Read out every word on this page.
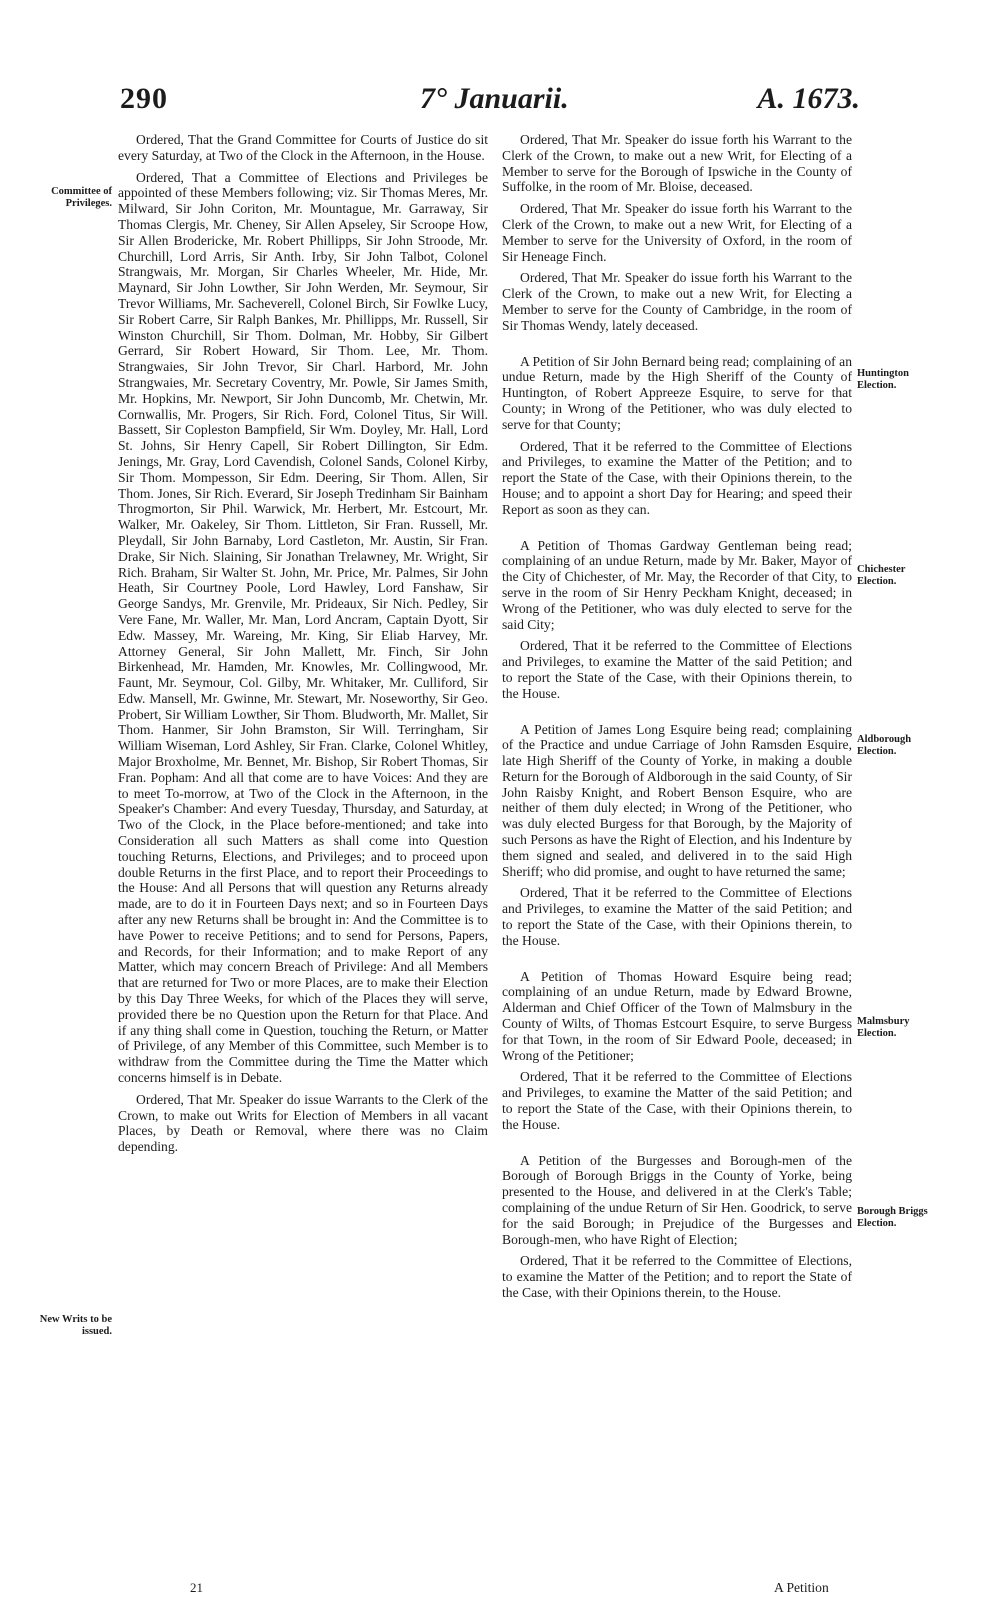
290	7° Januarii.	A. 1673.
Committee of Privileges.
New Writs to be issued.
Huntington Election.
Chichester Election.
Aldborough Election.
Malmsbury Election.
Borough Briggs Election.

Ordered, That the Grand Committee for Courts of Justice do sit every Saturday, at Two of the Clock in the Afternoon, in the House.

Ordered, That a Committee of Elections and Privileges be appointed of these Members following; viz. Sir Thomas Meres, Mr. Milward, Sir John Coriton, Mr. Mountague, Mr. Garraway, Sir Thomas Clergis, Mr. Cheney, Sir Allen Apseley, Sir Scroope How, Sir Allen Brodericke, Mr. Robert Phillipps, Sir John Stroode, Mr. Churchill, Lord Arris, Sir Anth. Irby, Sir John Talbot, Colonel Strangwais, Mr. Morgan, Sir Charles Wheeler, Mr. Hide, Mr. Maynard, Sir John Lowther, Sir John Werden, Mr. Seymour, Sir Trevor Williams, Mr. Sacheverell, Colonel Birch, Sir Fowlke Lucy, Sir Robert Carre, Sir Ralph Bankes, Mr. Phillipps, Mr. Russell, Sir Winston Churchill, Sir Thom. Dolman, Mr. Hobby, Sir Gilbert Gerrard, Sir Robert Howard, Sir Thom. Lee, Mr. Thom. Strangwaies, Sir John Trevor, Sir Charl. Harbord, Mr. John Strangwaies, Mr. Secretary Coventry, Mr. Powle, Sir James Smith, Mr. Hopkins, Mr. Newport, Sir John Duncomb, Mr. Chetwin, Mr. Cornwallis, Mr. Progers, Sir Rich. Ford, Colonel Titus, Sir Will. Bassett, Sir Copleston Bampfield, Sir Wm. Doyley, Mr. Hall, Lord St. Johns, Sir Henry Capell, Sir Robert Dillington, Sir Edm. Jenings, Mr. Gray, Lord Cavendish, Colonel Sands, Colonel Kirby, Sir Thom. Mompesson, Sir Edm. Deering, Sir Thom. Allen, Sir Thom. Jones, Sir Rich. Everard, Sir Joseph Tredinham Sir Bainham Throgmorton, Sir Phil. Warwick, Mr. Herbert, Mr. Estcourt, Mr. Walker, Mr. Oakeley, Sir Thom. Littleton, Sir Fran. Russell, Mr. Pleydall, Sir John Barnaby, Lord Castleton, Mr. Austin, Sir Fran. Drake, Sir Nich. Slaining, Sir Jonathan Trelawney, Mr. Wright, Sir Rich. Braham, Sir Walter St. John, Mr. Price, Mr. Palmes, Sir John Heath, Sir Courtney Poole, Lord Hawley, Lord Fanshaw, Sir George Sandys, Mr. Grenvile, Mr. Prideaux, Sir Nich. Pedley, Sir Vere Fane, Mr. Waller, Mr. Man, Lord Ancram, Captain Dyott, Sir Edw. Massey, Mr. Wareing, Mr. King, Sir Eliab Harvey, Mr. Attorney General, Sir John Mallett, Mr. Finch, Sir John Birkenhead, Mr. Hamden, Mr. Knowles, Mr. Collingwood, Mr. Faunt, Mr. Seymour, Col. Gilby, Mr. Whitaker, Mr. Culliford, Sir Edw. Mansell, Mr. Gwinne, Mr. Stewart, Mr. Noseworthy, Sir Geo. Probert, Sir William Lowther, Sir Thom. Bludworth, Mr. Mallet, Sir Thom. Hanmer, Sir John Bramston, Sir Will. Terringham, Sir William Wiseman, Lord Ashley, Sir Fran. Clarke, Colonel Whitley, Major Broxholme, Mr. Bennet, Mr. Bishop, Sir Robert Thomas, Sir Fran. Popham: And all that come are to have Voices: And they are to meet To-morrow, at Two of the Clock in the Afternoon, in the Speaker's Chamber: And every Tuesday, Thursday, and Saturday, at Two of the Clock, in the Place before-mentioned; and take into Consideration all such Matters as shall come into Question touching Returns, Elections, and Privileges; and to proceed upon double Returns in the first Place, and to report their Proceedings to the House: And all Persons that will question any Returns already made, are to do it in Fourteen Days next; and so in Fourteen Days after any new Returns shall be brought in: And the Committee is to have Power to receive Petitions; and to send for Persons, Papers, and Records, for their Information; and to make Report of any Matter, which may concern Breach of Privilege: And all Members that are returned for Two or more Places, are to make their Election by this Day Three Weeks, for which of the Places they will serve, provided there be no Question upon the Return for that Place. And if any thing shall come in Question, touching the Return, or Matter of Privilege, of any Member of this Committee, such Member is to withdraw from the Committee during the Time the Matter which concerns himself is in Debate.

Ordered, That Mr. Speaker do issue Warrants to the Clerk of the Crown, to make out Writs for Election of Members in all vacant Places, by Death or Removal, where there was no Claim depending.

Ordered, That Mr. Speaker do issue forth his Warrant to the Clerk of the Crown, to make out a new Writ, for Electing of a Member to serve for the Borough of Ipswiche in the County of Suffolke, in the room of Mr. Bloise, deceased.

Ordered, That Mr. Speaker do issue forth his Warrant to the Clerk of the Crown, to make out a new Writ, for Electing of a Member to serve for the University of Oxford, in the room of Sir Heneage Finch.

Ordered, That Mr. Speaker do issue forth his Warrant to the Clerk of the Crown, to make out a new Writ, for Electing a Member to serve for the County of Cambridge, in the room of Sir Thomas Wendy, lately deceased.

A Petition of Sir John Bernard being read; complaining of an undue Return, made by the High Sheriff of the County of Huntington, of Robert Appreeze Esquire, to serve for that County; in Wrong of the Petitioner, who was duly elected to serve for that County;

Ordered, That it be referred to the Committee of Elections and Privileges, to examine the Matter of the Petition; and to report the State of the Case, with their Opinions therein, to the House; and to appoint a short Day for Hearing; and speed their Report as soon as they can.

A Petition of Thomas Gardway Gentleman being read; complaining of an undue Return, made by Mr. Baker, Mayor of the City of Chichester, of Mr. May, the Recorder of that City, to serve in the room of Sir Henry Peckham Knight, deceased; in Wrong of the Petitioner, who was duly elected to serve for the said City;

Ordered, That it be referred to the Committee of Elections and Privileges, to examine the Matter of the said Petition; and to report the State of the Case, with their Opinions therein, to the House.

A Petition of James Long Esquire being read; complaining of the Practice and undue Carriage of John Ramsden Esquire, late High Sheriff of the County of Yorke, in making a double Return for the Borough of Aldborough in the said County, of Sir John Raisby Knight, and Robert Benson Esquire, who are neither of them duly elected; in Wrong of the Petitioner, who was duly elected Burgess for that Borough, by the Majority of such Persons as have the Right of Election, and his Indenture by them signed and sealed, and delivered in to the said High Sheriff; who did promise, and ought to have returned the same;

Ordered, That it be referred to the Committee of Elections and Privileges, to examine the Matter of the said Petition; and to report the State of the Case, with their Opinions therein, to the House.

A Petition of Thomas Howard Esquire being read; complaining of an undue Return, made by Edward Browne, Alderman and Chief Officer of the Town of Malmsbury in the County of Wilts, of Thomas Estcourt Esquire, to serve Burgess for that Town, in the room of Sir Edward Poole, deceased; in Wrong of the Petitioner;

Ordered, That it be referred to the Committee of Elections and Privileges, to examine the Matter of the said Petition; and to report the State of the Case, with their Opinions therein, to the House.

A Petition of the Burgesses and Borough-men of the Borough of Borough Briggs in the County of Yorke, being presented to the House, and delivered in at the Clerk's Table; complaining of the undue Return of Sir Hen. Goodrick, to serve for the said Borough; in Prejudice of the Burgesses and Borough-men, who have Right of Election;

Ordered, That it be referred to the Committee of Elections, to examine the Matter of the Petition; and to report the State of the Case, with their Opinions therein, to the House.

21	A Petition
